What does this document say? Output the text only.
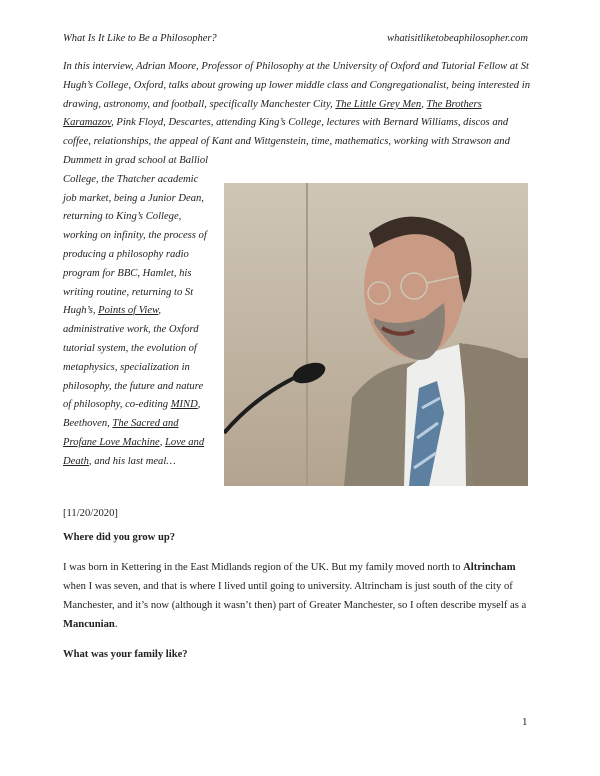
What Is It Like to Be a Philosopher?	whatisitliketobeaphilosopher.com
In this interview, Adrian Moore, Professor of Philosophy at the University of Oxford and Tutorial Fellow at St
Hugh’s College, Oxford, talks about growing up lower middle class and Congregationalist, being interested in
drawing, astronomy, and football, specifically Manchester City, The Little Grey Men, The Brothers
Karamazov, Pink Floyd, Descartes, attending King’s College, lectures with Bernard Williams, discos and
coffee, relationships, the appeal of Kant and Wittgenstein, time, mathematics, working with Strawson and
Dummett in grad school at Balliol
College, the Thatcher academic
job market, being a Junior Dean,
returning to King’s College,
working on infinity, the process of
producing a philosophy radio
program for BBC, Hamlet, his
writing routine, returning to St
Hugh’s, Points of View,
administrative work, the Oxford
tutorial system, the evolution of
metaphysics, specialization in
philosophy, the future and nature
of philosophy, co-editing MIND,
Beethoven, The Sacred and
Profane Love Machine, Love and
Death, and his last meal…
[11/20/2020]
Where did you grow up?
I was born in Kettering in the East Midlands region of the UK. But my family moved north to Altrincham
when I was seven, and that is where I lived until going to university. Altrincham is just south of the city of
Manchester, and it’s now (although it wasn’t then) part of Greater Manchester, so I often describe myself as a
Mancunian.
What was your family like?
1
